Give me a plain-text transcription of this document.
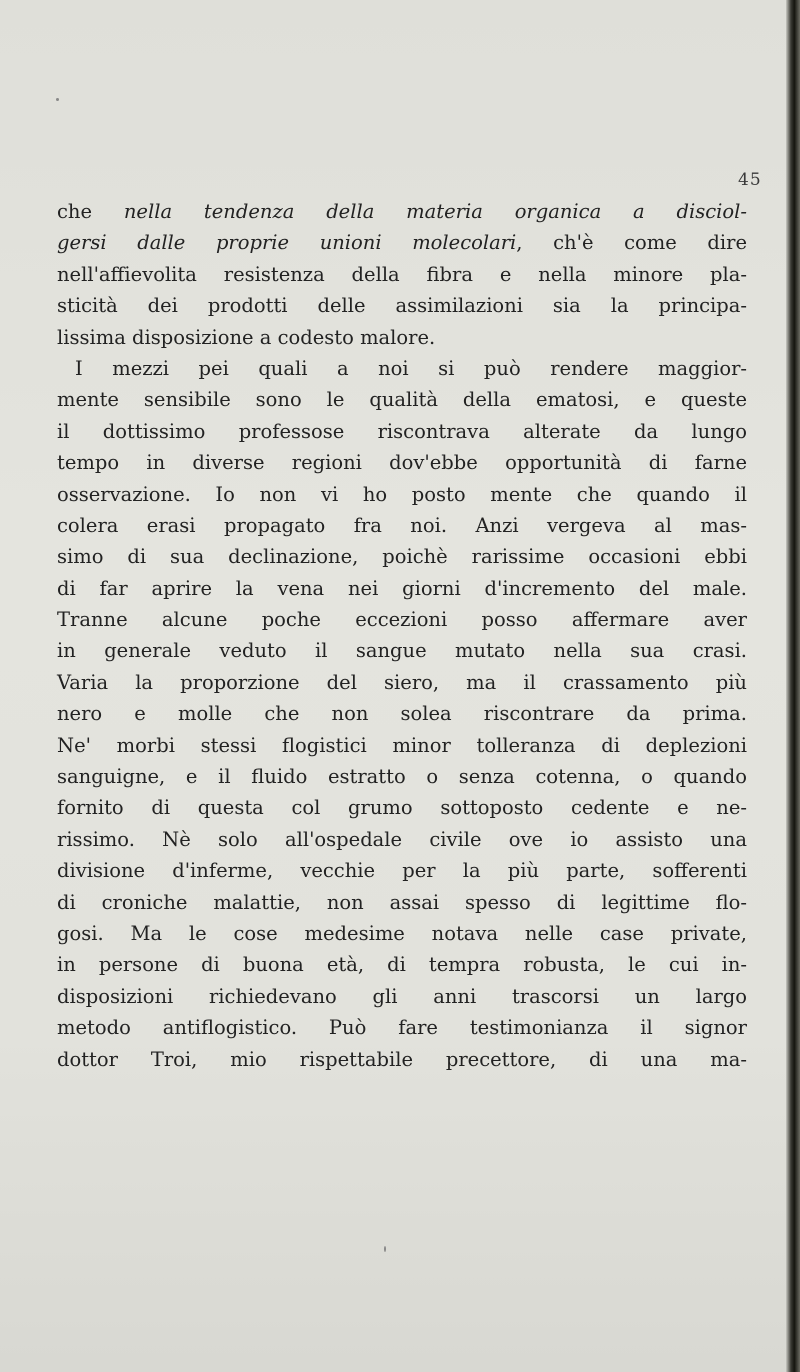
45

che nella tendenza della materia organica a disciol-
gersi dalle proprie unioni molecolari, ch'è come dire
nell'affievolita resistenza della fibra e nella minore pla-
sticità dei prodotti delle assimilazioni sia la principa-
lissima disposizione a codesto malore.
I mezzi pei quali a noi si può rendere maggior-
mente sensibile sono le qualità della ematosi, e queste
il dottissimo professose riscontrava alterate da lungo
tempo in diverse regioni dov'ebbe opportunità di farne
osservazione. Io non vi ho posto mente che quando il
colera erasi propagato fra noi. Anzi vergeva al mas-
simo di sua declinazione, poichè rarissime occasioni ebbi
di far aprire la vena nei giorni d'incremento del male.
Tranne alcune poche eccezioni posso affermare aver
in generale veduto il sangue mutato nella sua crasi.
Varia la proporzione del siero, ma il crassamento più
nero e molle che non solea riscontrare da prima.
Ne' morbi stessi flogistici minor tolleranza di deplezioni
sanguigne, e il fluido estratto o senza cotenna, o quando
fornito di questa col grumo sottoposto cedente e ne-
rissimo. Nè solo all'ospedale civile ove io assisto una
divisione d'inferme, vecchie per la più parte, sofferenti
di croniche malattie, non assai spesso di legittime flo-
gosi. Ma le cose medesime notava nelle case private,
in persone di buona età, di tempra robusta, le cui in-
disposizioni richiedevano gli anni trascorsi un largo
metodo antiflogistico. Può fare testimonianza il signor
dottor Troi, mio rispettabile precettore, di una ma-
